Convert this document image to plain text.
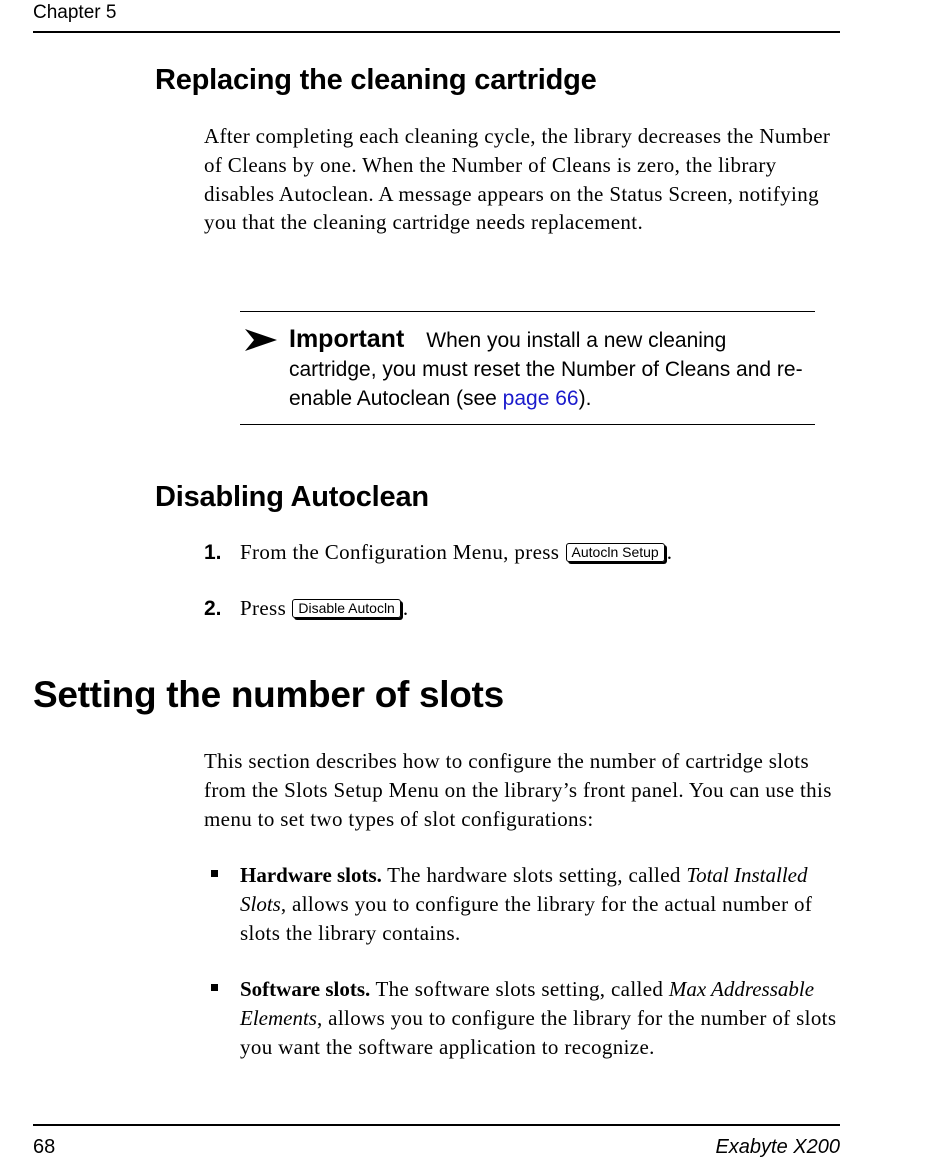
Chapter 5
Replacing the cleaning cartridge

After completing each cleaning cycle, the library decreases the Number of Cleans by one. When the Number of Cleans is zero, the library disables Autoclean. A message appears on the Status Screen, notifying you that the cleaning cartridge needs replacement.

Important When you install a new cleaning cartridge, you must reset the Number of Cleans and re-enable Autoclean (see page 66).

Disabling Autoclean
1. From the Configuration Menu, press Autocln Setup .
2. Press Disable Autocln .
Setting the number of slots

This section describes how to configure the number of cartridge slots from the Slots Setup Menu on the library’s front panel. You can use this menu to set two types of slot configurations:

Hardware slots. The hardware slots setting, called Total Installed Slots, allows you to configure the library for the actual number of slots the library contains.

Software slots. The software slots setting, called Max Addressable Elements, allows you to configure the library for the number of slots you want the software application to recognize.

68	Exabyte X200
